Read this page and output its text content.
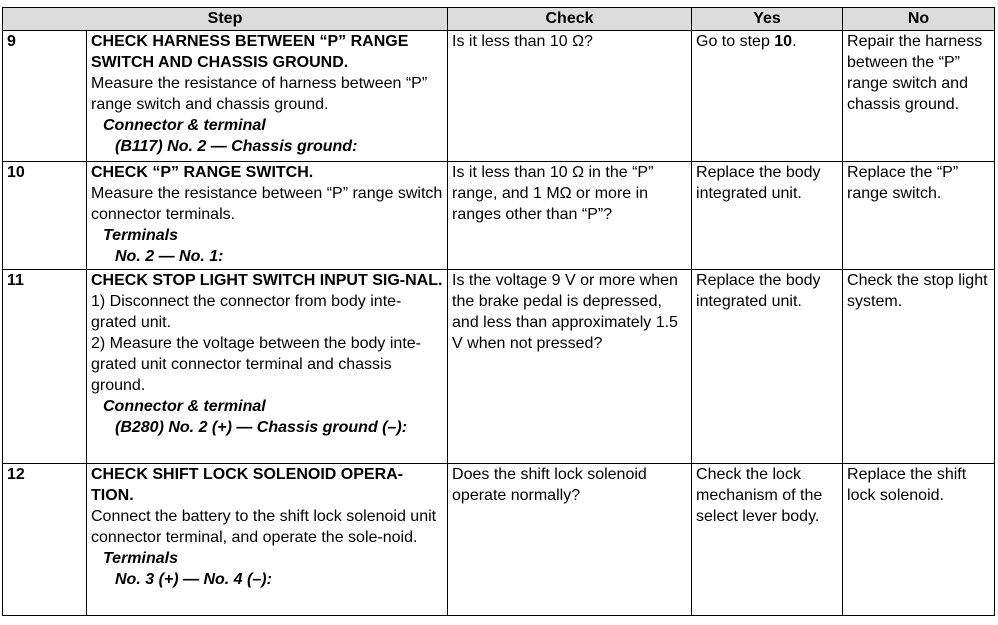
Step		Check	Yes	No
9	CHECK HARNESS BETWEEN “P” RANGE SWITCH AND CHASSIS GROUND.
Measure the resistance of harness between “P” range switch and chassis ground.
Connector & terminal
(B117) No. 2 — Chassis ground:	Is it less than 10 Ω?	Go to step 10.	Repair the harness between the “P” range switch and chassis ground.
10	CHECK “P” RANGE SWITCH.
Measure the resistance between “P” range switch connector terminals.
Terminals
No. 2 — No. 1:	Is it less than 10 Ω in the “P” range, and 1 MΩ or more in ranges other than “P”?	Replace the body integrated unit.	Replace the “P” range switch.
11	CHECK STOP LIGHT SWITCH INPUT SIG-NAL.
1) Disconnect the connector from body inte-grated unit.
2) Measure the voltage between the body inte-grated unit connector terminal and chassis ground.
Connector & terminal
(B280) No. 2 (+) — Chassis ground (–):	Is the voltage 9 V or more when the brake pedal is depressed, and less than approximately 1.5 V when not pressed?	Replace the body integrated unit.	Check the stop light system.
12	CHECK SHIFT LOCK SOLENOID OPERA-TION.
Connect the battery to the shift lock solenoid unit connector terminal, and operate the sole-noid.
Terminals
No. 3 (+) — No. 4 (–):	Does the shift lock solenoid operate normally?	Check the lock mechanism of the select lever body.	Replace the shift lock solenoid.
